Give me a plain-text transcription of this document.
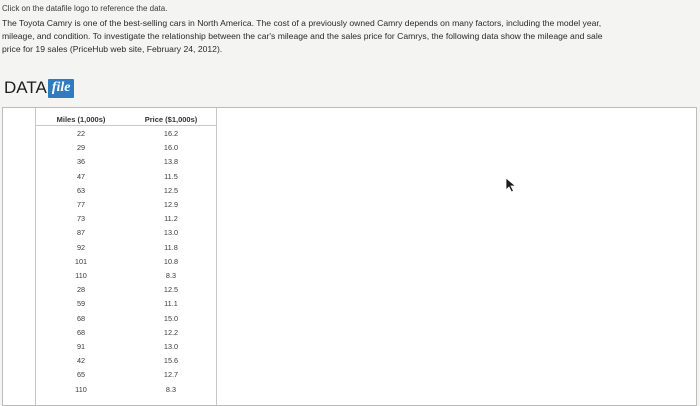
Click on the datafile logo to reference the data.
The Toyota Camry is one of the best-selling cars in North America. The cost of a previously owned Camry depends on many factors, including the model year,
mileage, and condition. To investigate the relationship between the car's mileage and the sales price for Camrys, the following data show the mileage and sale
price for 19 sales (PriceHub web site, February 24, 2012).
DATA file
Miles (1,000s)	Price ($1,000s)
22	16.2
29	16.0
36	13.8
47	11.5
63	12.5
77	12.9
73	11.2
87	13.0
92	11.8
101	10.8
110	8.3
28	12.5
59	11.1
68	15.0
68	12.2
91	13.0
42	15.6
65	12.7
110	8.3
